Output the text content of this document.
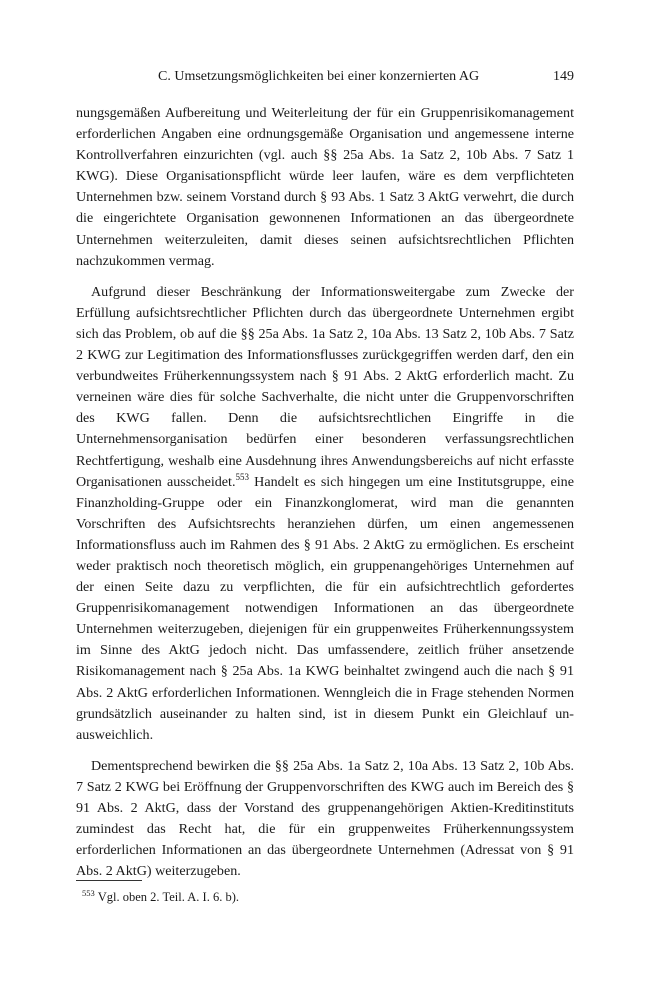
C. Umsetzungsmöglichkeiten bei einer konzernierten AG	149

nungsgemäßen Aufbereitung und Weiterleitung der für ein Gruppenrisikomanagement erforderlichen Angaben eine ordnungsgemäße Organisation und angemessene interne Kontrollverfahren einzurichten (vgl. auch §§ 25a Abs. 1a Satz 2, 10b Abs. 7 Satz 1 KWG). Diese Organisationspflicht würde leer laufen, wäre es dem verpflichteten Unternehmen bzw. seinem Vorstand durch § 93 Abs. 1 Satz 3 AktG verwehrt, die durch die eingerichtete Organisation gewonnenen Informationen an das übergeordnete Unternehmen weiterzuleiten, damit dieses seinen aufsichtsrechtlichen Pflichten nachzukommen vermag.

Aufgrund dieser Beschränkung der Informationsweitergabe zum Zwecke der Erfüllung aufsichtsrechtlicher Pflichten durch das übergeordnete Unternehmen ergibt sich das Problem, ob auf die §§ 25a Abs. 1a Satz 2, 10a Abs. 13 Satz 2, 10b Abs. 7 Satz 2 KWG zur Legitimation des Informationsflusses zurückgegriffen werden darf, den ein verbundweites Früherkennungssystem nach § 91 Abs. 2 AktG erforderlich macht. Zu verneinen wäre dies für solche Sachverhalte, die nicht unter die Gruppenvorschriften des KWG fallen. Denn die aufsichtsrechtlichen Eingriffe in die Unternehmensorganisation bedürfen einer besonderen verfassungsrechtlichen Rechtfertigung, weshalb eine Ausdehnung ihres Anwendungsbereichs auf nicht erfasste Organisationen ausscheidet.$^{553}$ Handelt es sich hingegen um eine Institutsgruppe, eine Finanzholding-Gruppe oder ein Finanzkonglomerat, wird man die genannten Vorschriften des Aufsichtsrechts heranziehen dürfen, um einen angemessenen Informationsfluss auch im Rahmen des § 91 Abs. 2 AktG zu ermöglichen. Es erscheint weder praktisch noch theoretisch möglich, ein gruppenangehöriges Unternehmen auf der einen Seite dazu zu verpflichten, die für ein aufsichtrechtlich gefordertes Gruppenrisikomanagement notwendigen Informationen an das übergeordnete Unternehmen weiterzugeben, diejenigen für ein gruppenweites Früherkennungssystem im Sinne des AktG jedoch nicht. Das umfassendere, zeitlich früher ansetzende Risikomanagement nach § 25a Abs. 1a KWG beinhaltet zwingend auch die nach § 91 Abs. 2 AktG erforderlichen Informationen. Wenngleich die in Frage stehenden Normen grundsätzlich auseinander zu halten sind, ist in diesem Punkt ein Gleichlauf unausweichlich.

Dementsprechend bewirken die §§ 25a Abs. 1a Satz 2, 10a Abs. 13 Satz 2, 10b Abs. 7 Satz 2 KWG bei Eröffnung der Gruppenvorschriften des KWG auch im Bereich des § 91 Abs. 2 AktG, dass der Vorstand des gruppenangehörigen Aktien-Kreditinstituts zumindest das Recht hat, die für ein gruppenweites Früherkennungssystem erforderlichen Informationen an das übergeordnete Unternehmen (Adressat von § 91 Abs. 2 AktG) weiterzugeben.

$^{553}$ Vgl. oben 2. Teil. A. I. 6. b).
